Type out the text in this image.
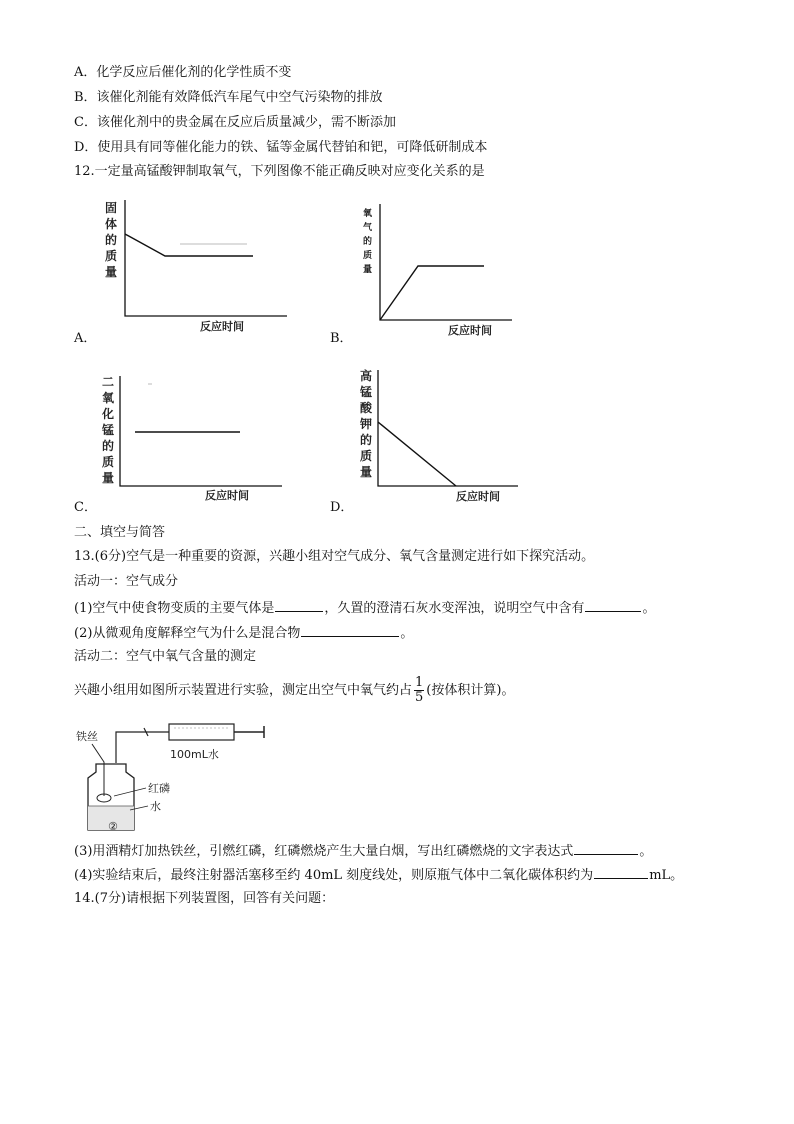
A．化学反应后催化剂的化学性质不变
B．该催化剂能有效降低汽车尾气中空气污染物的排放
C．该催化剂中的贵金属在反应后质量减少，需不断添加
D．使用具有同等催化能力的铁、锰等金属代替铂和钯，可降低研制成本
12.一定量高锰酸钾制取氧气，下列图像不能正确反映对应变化关系的是
固
体
的
质
量
反应时间
A．
氧
气
的
质
量
反应时间
B．
二
氧
化
锰
的
质
量
反应时间
C．
高
锰
酸
钾
的
质
量
反应时间
D．
二、填空与简答
13.(6分)空气是一种重要的资源，兴趣小组对空气成分、氧气含量测定进行如下探究活动。
活动一：空气成分
(1)空气中使食物变质的主要气体是	，久置的澄清石灰水变浑浊，说明空气中含有	。
(2)从微观角度解释空气为什么是混合物	。
活动二：空气中氧气含量的测定
兴趣小组用如图所示装置进行实验，测定出空气中氧气约占 $\frac{1}{5}$ (按体积计算)。
铁丝
100mL水
红磷
水
②
(3)用酒精灯加热铁丝，引燃红磷，红磷燃烧产生大量白烟，写出红磷燃烧的文字表达式	。
(4)实验结束后，最终注射器活塞移至约 40mL 刻度线处，则原瓶气体中二氧化碳体积约为	mL。
14.(7分)请根据下列装置图，回答有关问题：
